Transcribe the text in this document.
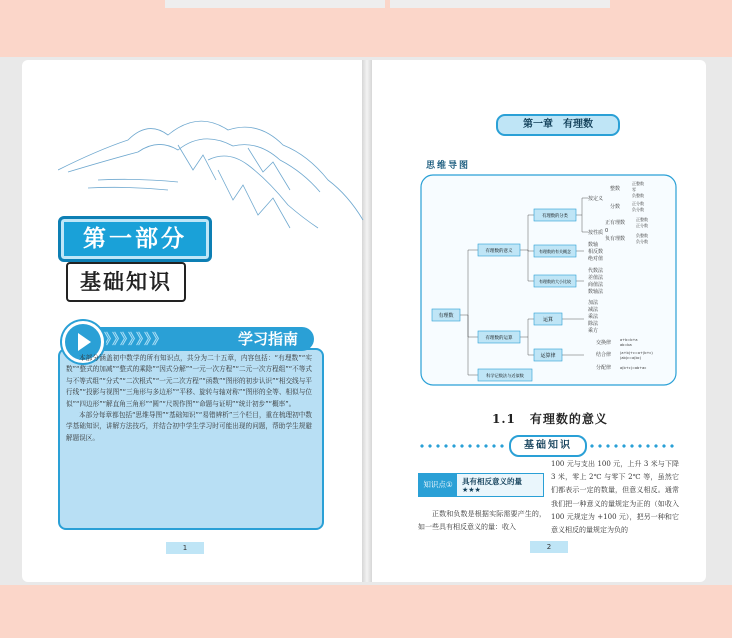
第一部分
基础知识
》》》》》》》	学习指南

本部分涵盖初中数学的所有知识点，共分为二十五章，内容包括：“有理数”“实数”“整式的加减”“整式的乘除”“因式分解”“一元一次方程”“二元一次方程组”“不等式与不等式组”“分式”“二次根式”“一元二次方程”“函数”“图形的初步认识”“相交线与平行线”“投影与视图”“三角形与多边形”“平移、旋转与轴对称”“图形的全等、相似与位似”“四边形”“解直角三角形”“圆”“尺规作图”“命题与证明”“统计初步”“概率”。

本部分每章都包括“思维导图”“基础知识”“易错辨析”三个栏目，重在梳理初中数学基础知识，讲解方法技巧，并结合初中学生学习时可能出现的问题，帮助学生规避解题误区。

1
第一章　有理数
思维导图
有理数
有理数的意义
有理数的运算
科学记数法与近似数
有理数的分类
有理数的有关概念
有理数的大小比较
运算
运算律
按定义
按性质
整数
分数
正整数
零
负整数
正分数
负分数
正有理数
0
负有理数
正整数
正分数
负整数
负分数
数轴
相反数
绝对值
代数法
差值法
商值法
数轴法
加法
减法
乘法
除法
乘方
交换律
结合律
分配律
a+b=b+a
ab=ba
(a+b)+c=a+(b+c)
(ab)c=a(bc)
a(b+c)=ab+ac
1.1 有理数的意义
基础知识
知识点①	具有相反意义的量
★★★
正数和负数是根据实际需要产生的，如一些具有相反意义的量：收入
100 元与支出 100 元，上升 3 米与下降 3 米，零上 2℃ 与零下 2℃ 等，虽然它们都表示一定的数量，但意义相反。通常我们把一种意义的量规定为正的（如收入 100 元规定为 +100 元），把另一种和它意义相反的量规定为负的
2
